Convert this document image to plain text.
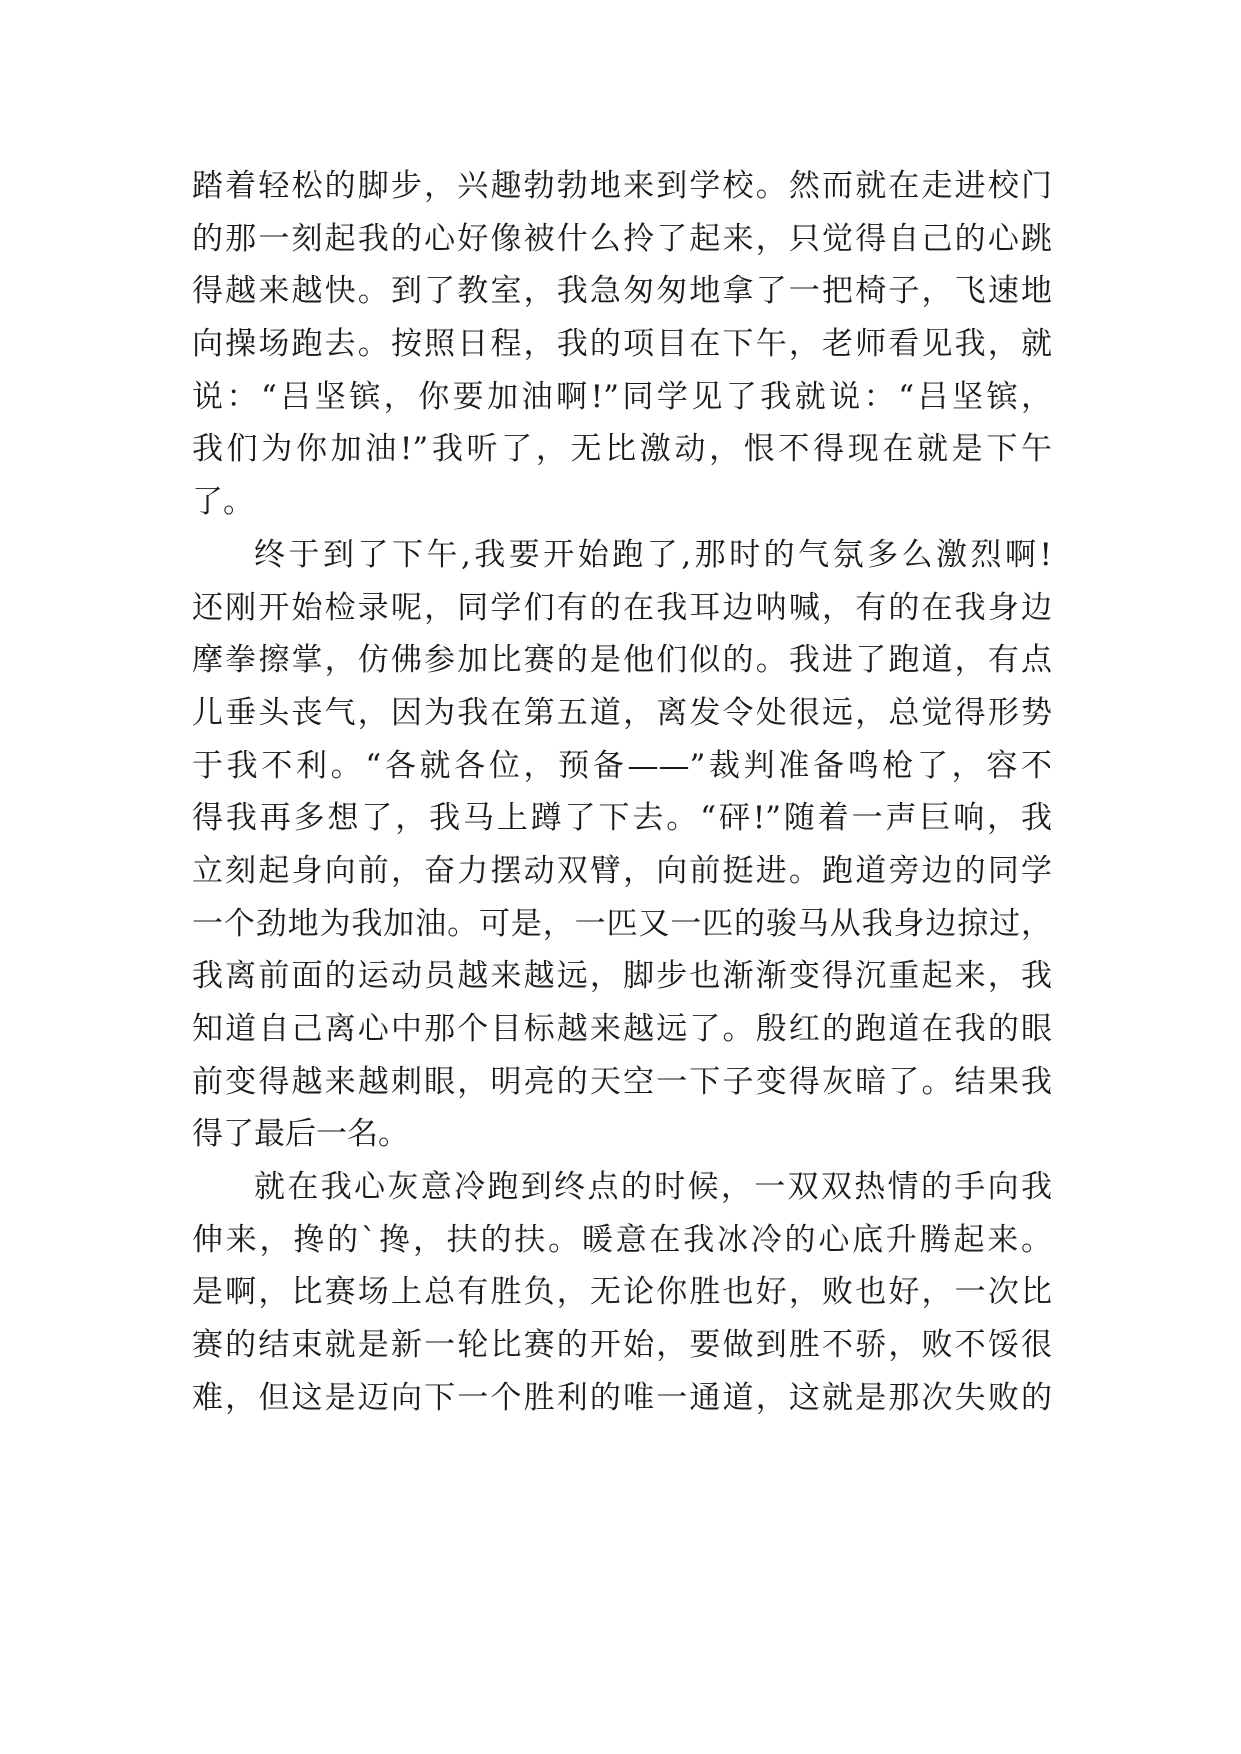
踏着轻松的脚步，兴趣勃勃地来到学校。然而就在走进校门
的那一刻起我的心好像被什么拎了起来，只觉得自己的心跳
得越来越快。到了教室，我急匆匆地拿了一把椅子，飞速地
向操场跑去。按照日程，我的项目在下午，老师看见我，就
说：“吕坚镔，你要加油啊!”同学见了我就说：“吕坚镔，
我们为你加油!”我听了，无比激动，恨不得现在就是下午
了。
终于到了下午,我要开始跑了,那时的气氛多么激烈啊!
还刚开始检录呢，同学们有的在我耳边呐喊，有的在我身边
摩拳擦掌，仿佛参加比赛的是他们似的。我进了跑道，有点
儿垂头丧气，因为我在第五道，离发令处很远，总觉得形势
于我不利。“各就各位，预备——”裁判准备鸣枪了，容不
得我再多想了，我马上蹲了下去。“砰!”随着一声巨响，我
立刻起身向前，奋力摆动双臂，向前挺进。跑道旁边的同学
一个劲地为我加油。可是，一匹又一匹的骏马从我身边掠过，
我离前面的运动员越来越远，脚步也渐渐变得沉重起来，我
知道自己离心中那个目标越来越远了。殷红的跑道在我的眼
前变得越来越刺眼，明亮的天空一下子变得灰暗了。结果我
得了最后一名。
就在我心灰意冷跑到终点的时候，一双双热情的手向我
伸来，搀的`搀，扶的扶。暖意在我冰冷的心底升腾起来。
是啊，比赛场上总有胜负，无论你胜也好，败也好，一次比
赛的结束就是新一轮比赛的开始，要做到胜不骄，败不馁很
难，但这是迈向下一个胜利的唯一通道，这就是那次失败的
